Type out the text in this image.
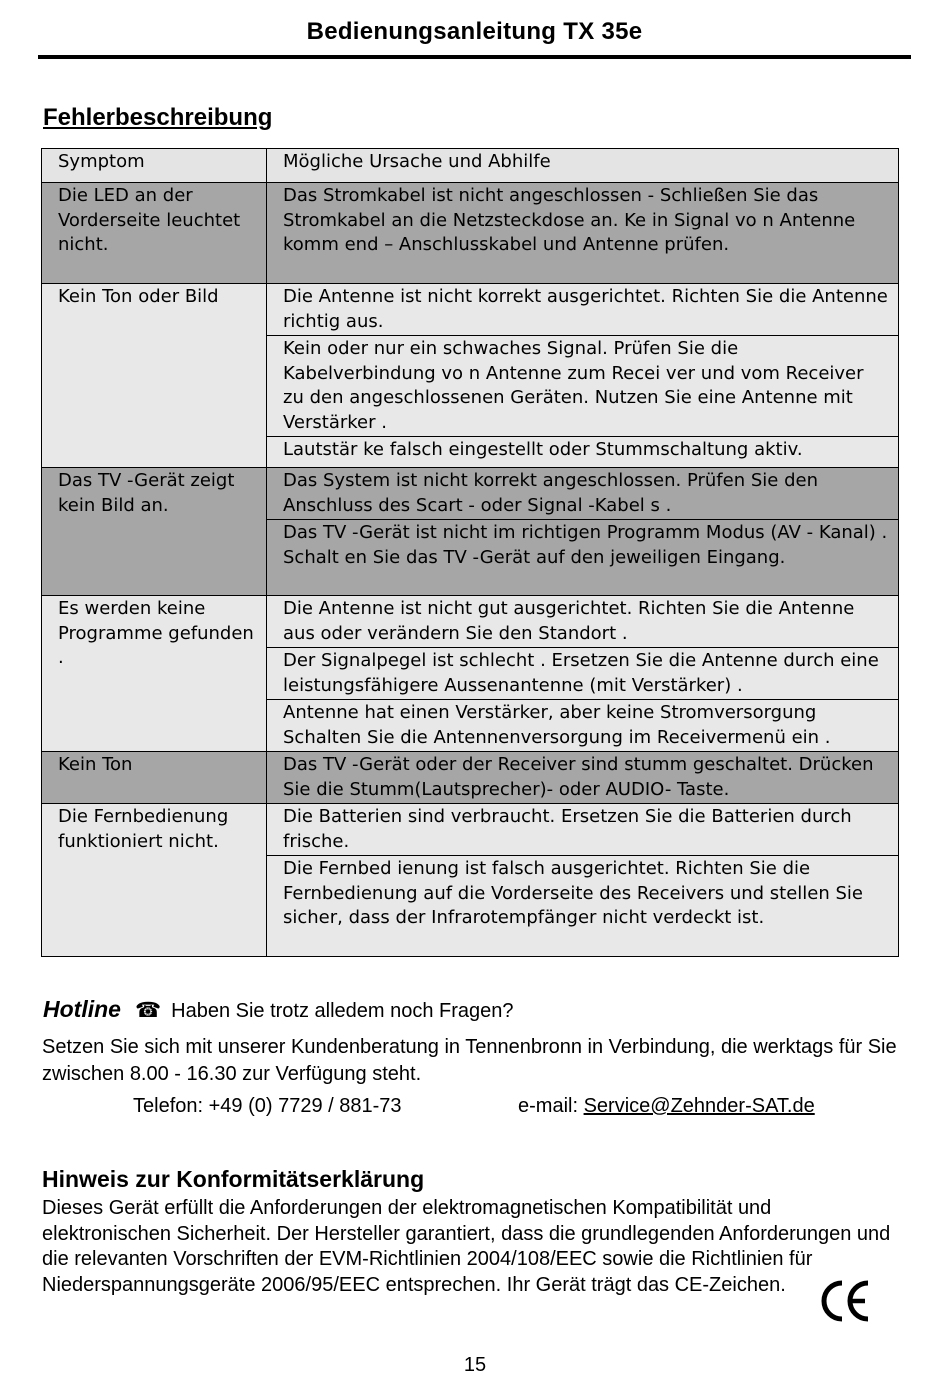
Bedienungsanleitung TX 35e
Fehlerbeschreibung
Symptom	Mögliche Ursache und Abhilfe
Die LED an der Vorderseite leuchtet nicht.	Das Stromkabel ist nicht angeschlossen - Schließen Sie das Stromkabel an die Netzsteckdose an. Ke in Signal vo n Antenne komm end – Anschlusskabel und Antenne prüfen.
Kein Ton oder Bild	Die Antenne ist nicht korrekt ausgerichtet. Richten Sie die Antenne richtig aus.
	Kein oder nur ein schwaches Signal. Prüfen Sie die Kabelverbindung vo n Antenne zum Recei ver und vom Receiver zu den angeschlossenen Geräten. Nutzen Sie eine Antenne mit Verstärker .
	Lautstär ke falsch eingestellt oder Stummschaltung aktiv.
Das TV -Gerät zeigt kein Bild an.	Das System ist nicht korrekt angeschlossen. Prüfen Sie den Anschluss des Scart - oder Signal -Kabel s .
	Das TV -Gerät ist nicht im richtigen Programm Modus (AV - Kanal) . Schalt en Sie das TV -Gerät auf den jeweiligen Eingang.
Es werden keine Programme gefunden .	Die Antenne ist nicht gut ausgerichtet. Richten Sie die Antenne aus oder verändern Sie den Standort .
	Der Signalpegel ist schlecht . Ersetzen Sie die Antenne durch eine leistungsfähigere Aussenantenne (mit Verstärker) .
	Antenne hat einen Verstärker, aber keine Stromversorgung Schalten Sie die Antennenversorgung im Receivermenü ein .
Kein Ton	Das TV -Gerät oder der Receiver sind stumm geschaltet. Drücken Sie die Stumm(Lautsprecher)- oder AUDIO- Taste.
Die Fernbedienung funktioniert nicht.	Die Batterien sind verbraucht. Ersetzen Sie die Batterien durch frische.
	Die Fernbed ienung ist falsch ausgerichtet. Richten Sie die Fernbedienung auf die Vorderseite des Receivers und stellen Sie sicher, dass der Infrarotempfänger nicht verdeckt ist.
Hotline ☎ Haben Sie trotz alledem noch Fragen?
Setzen Sie sich mit unserer Kundenberatung in Tennenbronn in Verbindung, die werktags für Sie zwischen 8.00 - 16.30 zur Verfügung steht.
Telefon: +49 (0) 7729 / 881-73	e-mail: Service@Zehnder-SAT.de
Hinweis zur Konformitätserklärung
Dieses Gerät erfüllt die Anforderungen der elektromagnetischen Kompatibilität und elektronischen Sicherheit. Der Hersteller garantiert, dass die grundlegenden Anforderungen und die relevanten Vorschriften der EVM-Richtlinien 2004/108/EEC sowie die Richtlinien für Niederspannungsgeräte 2006/95/EEC entsprechen. Ihr Gerät trägt das CE-Zeichen.
15
